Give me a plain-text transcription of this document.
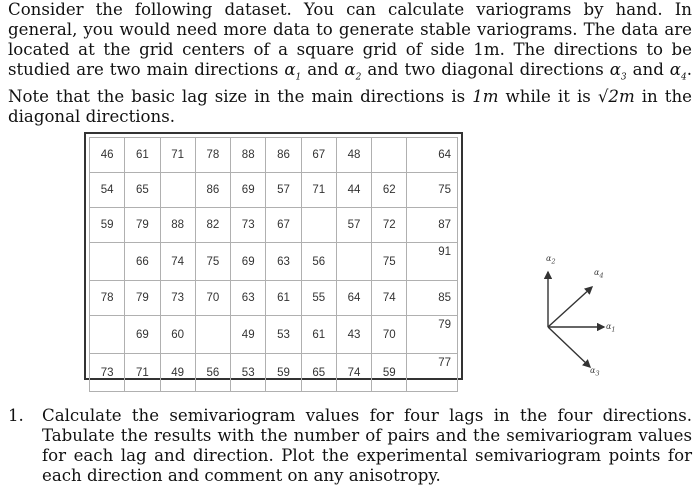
Consider the following dataset. You can calculate variograms by hand. In general, you would need more data to generate stable variograms. The data are located at the grid centers of a square grid of side 1m. The directions to be studied are two main directions $\alpha_1$ and $\alpha_2$ and two diagonal directions $\alpha_3$ and $\alpha_4$. Note that the basic lag size in the main directions is 1m while it is √2m in the diagonal directions.
46	61	71	78	88	86	67	48		64
54	65		86	69	57	71	44	62	75
59	79	88	82	73	67		57	72	87
	66	74	75	69	63	56		75	91
78	79	73	70	63	61	55	64	74	85
	69	60		49	53	61	43	70	79
73	71	49	56	53	59	65	74	59	77
$\alpha_2$
$\alpha_4$
$\alpha_1$
$\alpha_3$
1. Calculate the semivariogram values for four lags in the four directions. Tabulate the results with the number of pairs and the semivariogram values for each lag and direction. Plot the experimental semivariogram points for each direction and comment on any anisotropy.
